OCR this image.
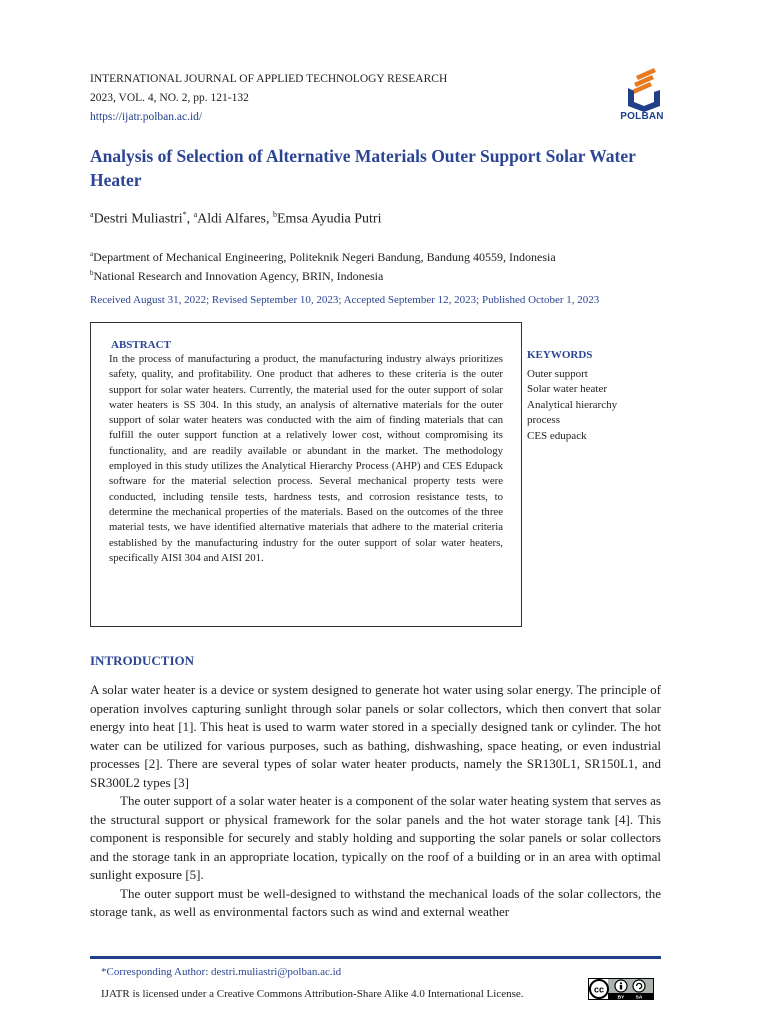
INTERNATIONAL JOURNAL OF APPLIED TECHNOLOGY RESEARCH
2023, VOL. 4, NO. 2, pp. 121-132
https://ijatr.polban.ac.id/	POLBAN
Analysis of Selection of Alternative Materials Outer Support Solar Water Heater
$^a$Destri Muliastri*, $^a$Aldi Alfares, $^b$Emsa Ayudia Putri
$^a$Department of Mechanical Engineering, Politeknik Negeri Bandung, Bandung 40559, Indonesia
$^b$National Research and Innovation Agency, BRIN, Indonesia
Received August 31, 2022; Revised September 10, 2023; Accepted September 12, 2023; Published October 1, 2023
ABSTRACT
In the process of manufacturing a product, the manufacturing industry always prioritizes safety, quality, and profitability. One product that adheres to these criteria is the outer support for solar water heaters. Currently, the material used for the outer support of solar water heaters is SS 304. In this study, an analysis of alternative materials for the outer support of solar water heaters was conducted with the aim of finding materials that can fulfill the outer support function at a relatively lower cost, without compromising its functionality, and are readily available or abundant in the market. The methodology employed in this study utilizes the Analytical Hierarchy Process (AHP) and CES Edupack software for the material selection process. Several mechanical property tests were conducted, including tensile tests, hardness tests, and corrosion resistance tests, to determine the mechanical properties of the materials. Based on the outcomes of the three material tests, we have identified alternative materials that adhere to the material criteria established by the manufacturing industry for the outer support of solar water heaters, specifically AISI 304 and AISI 201.
KEYWORDS
Outer support
Solar water heater
Analytical hierarchy
process
CES edupack
INTRODUCTION

A solar water heater is a device or system designed to generate hot water using solar energy. The principle of operation involves capturing sunlight through solar panels or solar collectors, which then convert that solar energy into heat [1]. This heat is used to warm water stored in a specially designed tank or cylinder. The hot water can be utilized for various purposes, such as bathing, dishwashing, space heating, or even industrial processes [2]. There are several types of solar water heater products, namely the SR130L1, SR150L1, and SR300L2 types [3]

The outer support of a solar water heater is a component of the solar water heating system that serves as the structural support or physical framework for the solar panels and the hot water storage tank [4]. This component is responsible for securely and stably holding and supporting the solar panels or solar collectors and the storage tank in an appropriate location, typically on the roof of a building or in an area with optimal sunlight exposure [5].

The outer support must be well-designed to withstand the mechanical loads of the solar collectors, the storage tank, as well as environmental factors such as wind and external weather

*Corresponding Author: destri.muliastri@polban.ac.id
IJATR is licensed under a Creative Commons Attribution-Share Alike 4.0 International License.	cc
BY SA
